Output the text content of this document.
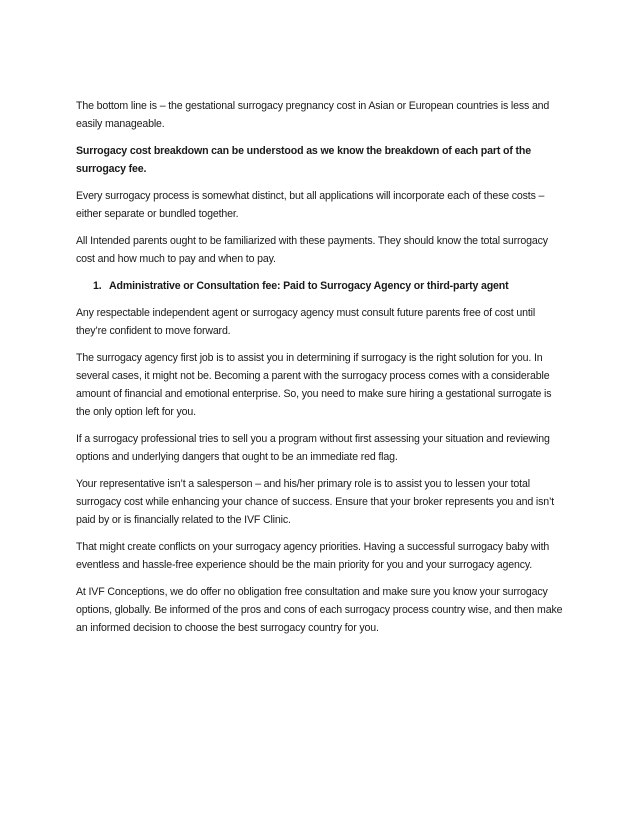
The bottom line is – the gestational surrogacy pregnancy cost in Asian or European countries is less and easily manageable.

Surrogacy cost breakdown can be understood as we know the breakdown of each part of the surrogacy fee.

Every surrogacy process is somewhat distinct, but all applications will incorporate each of these costs – either separate or bundled together.

All Intended parents ought to be familiarized with these payments. They should know the total surrogacy cost and how much to pay and when to pay.

1. Administrative or Consultation fee: Paid to Surrogacy Agency or third-party agent

Any respectable independent agent or surrogacy agency must consult future parents free of cost until they’re confident to move forward.

The surrogacy agency first job is to assist you in determining if surrogacy is the right solution for you. In several cases, it might not be. Becoming a parent with the surrogacy process comes with a considerable amount of financial and emotional enterprise. So, you need to make sure hiring a gestational surrogate is the only option left for you.

If a surrogacy professional tries to sell you a program without first assessing your situation and reviewing options and underlying dangers that ought to be an immediate red flag.

Your representative isn’t a salesperson – and his/her primary role is to assist you to lessen your total surrogacy cost while enhancing your chance of success. Ensure that your broker represents you and isn’t paid by or is financially related to the IVF Clinic.

That might create conflicts on your surrogacy agency priorities. Having a successful surrogacy baby with eventless and hassle-free experience should be the main priority for you and your surrogacy agency.

At IVF Conceptions, we do offer no obligation free consultation and make sure you know your surrogacy options, globally. Be informed of the pros and cons of each surrogacy process country wise, and then make an informed decision to choose the best surrogacy country for you.
